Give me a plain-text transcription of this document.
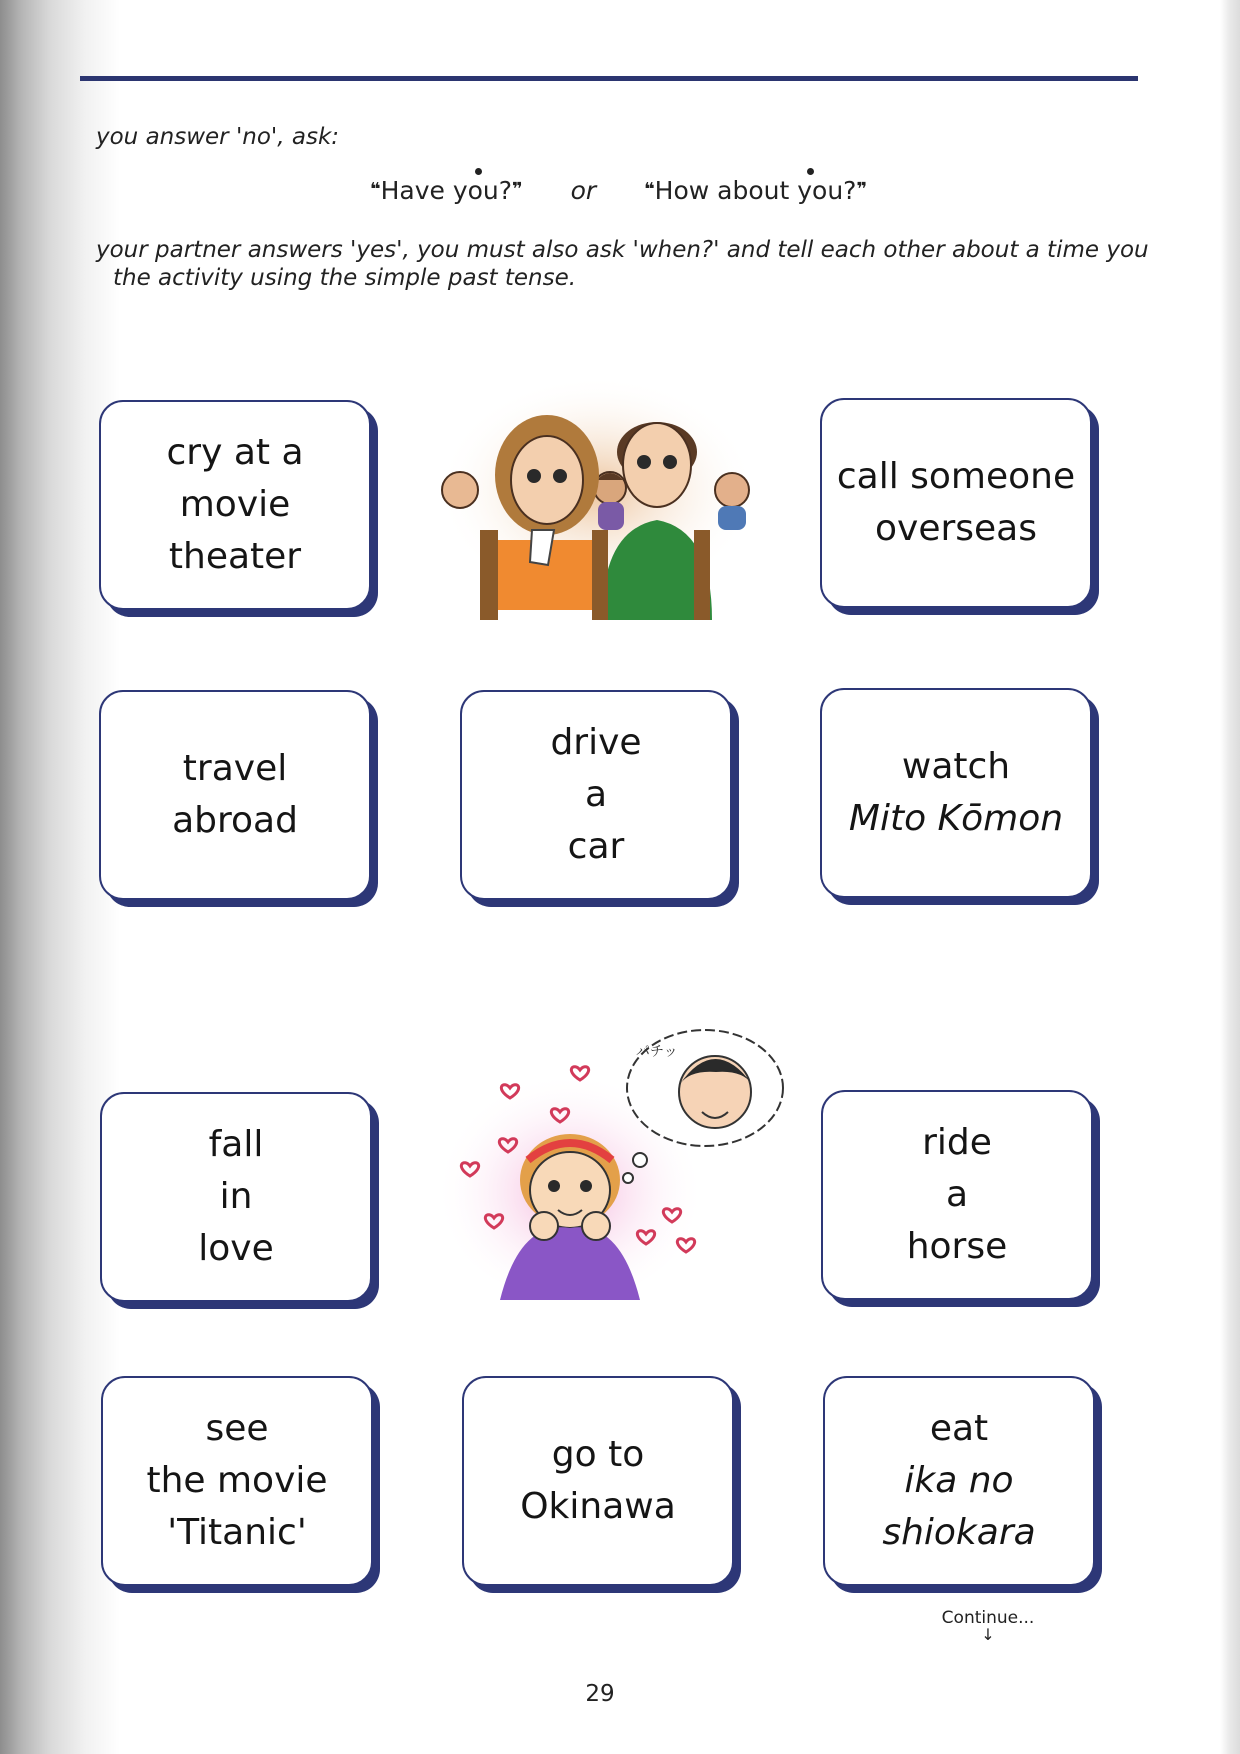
you answer 'no', ask:
❝Have you?❞ or	❝How about you?❞
your partner answers 'yes', you must also ask 'when?' and tell each other about a time you
the activity using the simple past tense.
cry at a
movie
theater
call someone
overseas
travel
abroad
drive
a
car
watch
Mito Kōmon
fall
in
love
パチッ
ride
a
horse
see
the movie
'Titanic'
go to
Okinawa
eat
ika no
shiokara
Continue...
↓
29
